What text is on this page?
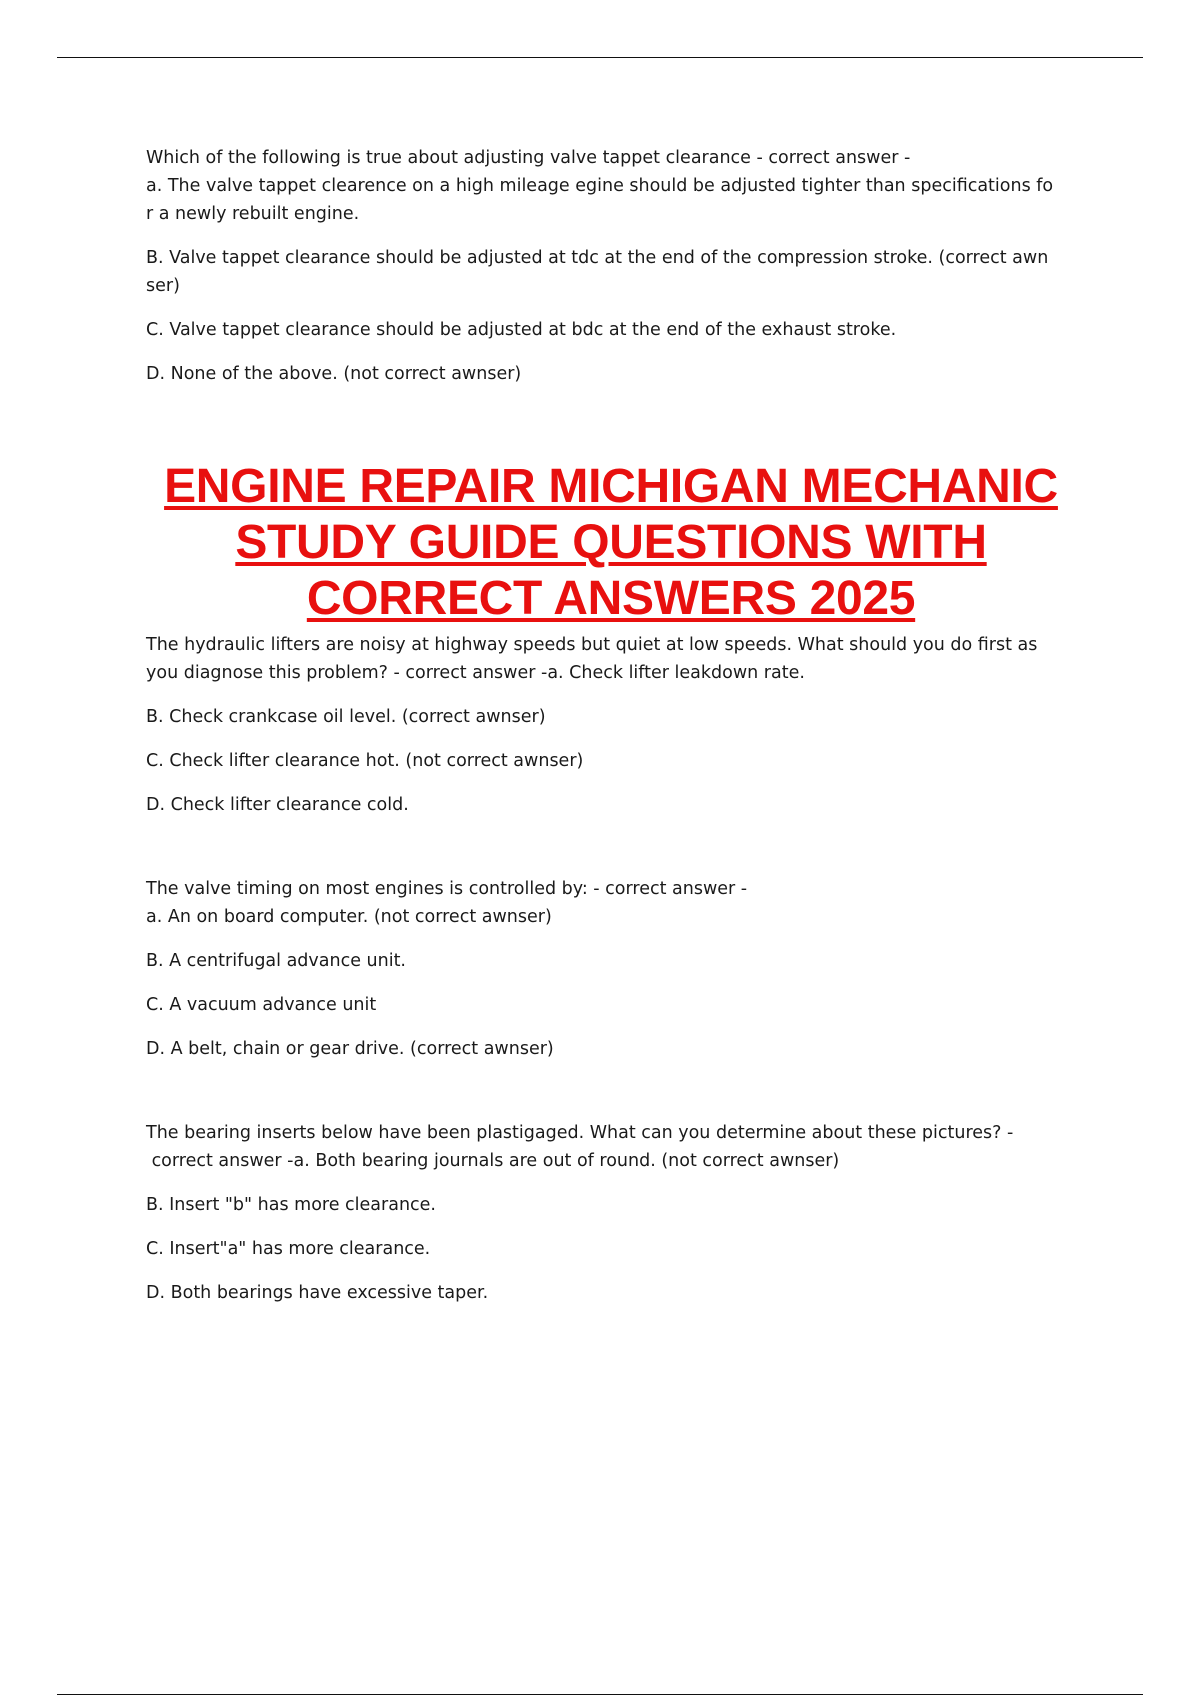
Which of the following is true about adjusting valve tappet clearance - correct answer -

a. The valve tappet clearence on a high mileage egine should be adjusted tighter than specifications fo

r a newly rebuilt engine.

B. Valve tappet clearance should be adjusted at tdc at the end of the compression stroke. (correct awn

ser)

C. Valve tappet clearance should be adjusted at bdc at the end of the exhaust stroke.

D. None of the above. (not correct awnser)

ENGINE REPAIR MICHIGAN MECHANIC
STUDY GUIDE QUESTIONS WITH
CORRECT ANSWERS 2025

The hydraulic lifters are noisy at highway speeds but quiet at low speeds. What should you do first as

you diagnose this problem? - correct answer -a. Check lifter leakdown rate.

B. Check crankcase oil level. (correct awnser)

C. Check lifter clearance hot. (not correct awnser)

D. Check lifter clearance cold.

The valve timing on most engines is controlled by: - correct answer -

a. An on board computer. (not correct awnser)

B. A centrifugal advance unit.

C. A vacuum advance unit

D. A belt, chain or gear drive. (correct awnser)

The bearing inserts below have been plastigaged. What can you determine about these pictures? -

correct answer -a. Both bearing journals are out of round. (not correct awnser)

B. Insert "b" has more clearance.

C. Insert"a" has more clearance.

D. Both bearings have excessive taper.
